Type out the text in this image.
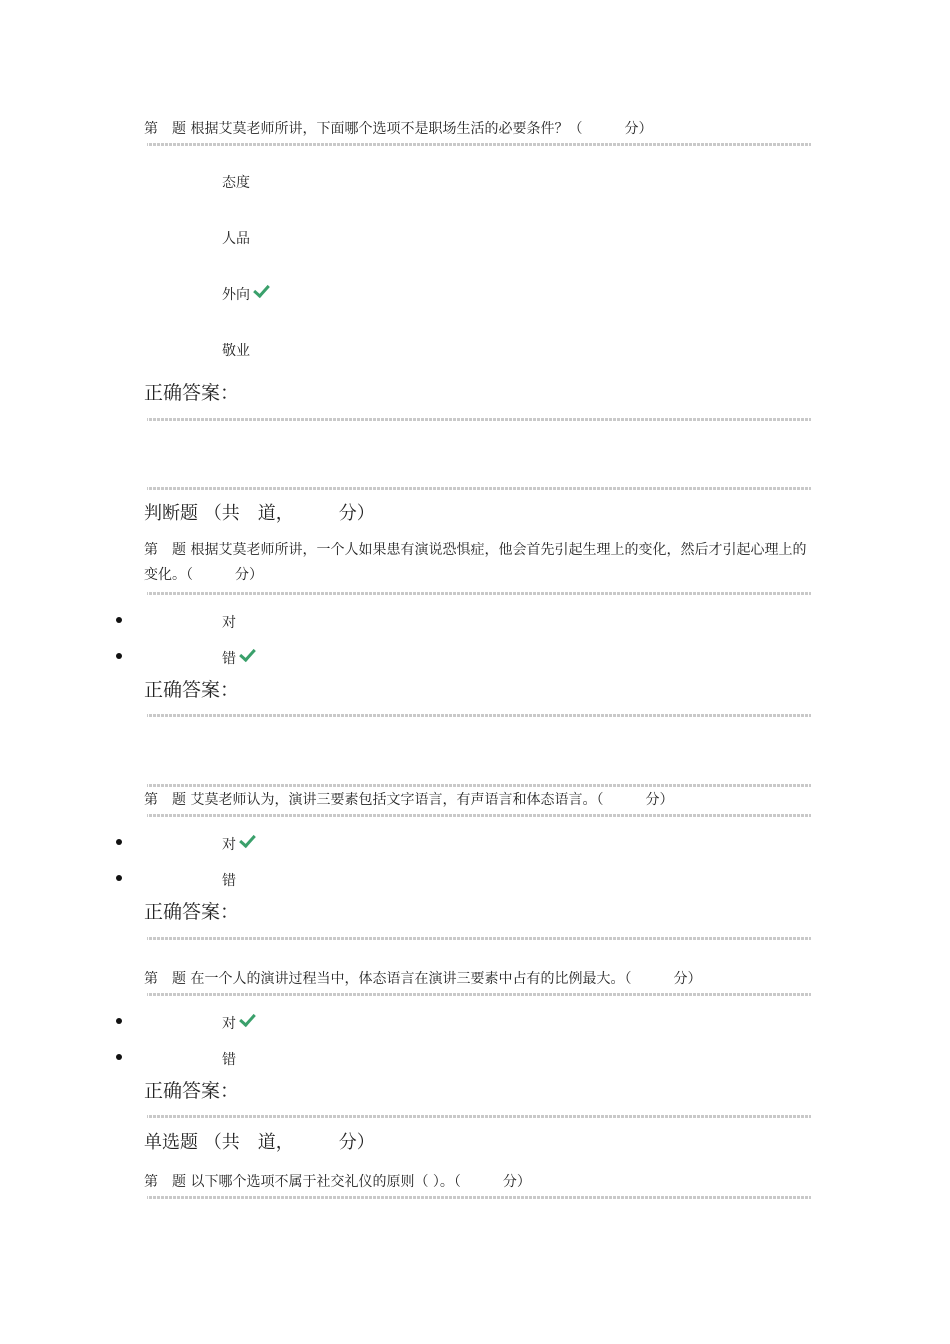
第　题 根据艾莫老师所讲，下面哪个选项不是职场生活的必要条件？（　　　分）
态度
人品
外向
敬业
正确答案：
判断题 （共　道，　　　分）
第　题 根据艾莫老师所讲，一个人如果患有演说恐惧症，他会首先引起生理上的变化，然后才引起心理上的变化。（　　　分）
对
错
正确答案：
第　题 艾莫老师认为，演讲三要素包括文字语言，有声语言和体态语言。（　　　分）
对
错
正确答案：
第　题 在一个人的演讲过程当中，体态语言在演讲三要素中占有的比例最大。（　　　分）
对
错
正确答案：
单选题 （共　道，　　　分）
第　题 以下哪个选项不属于社交礼仪的原则（ ）。（　　　分）
